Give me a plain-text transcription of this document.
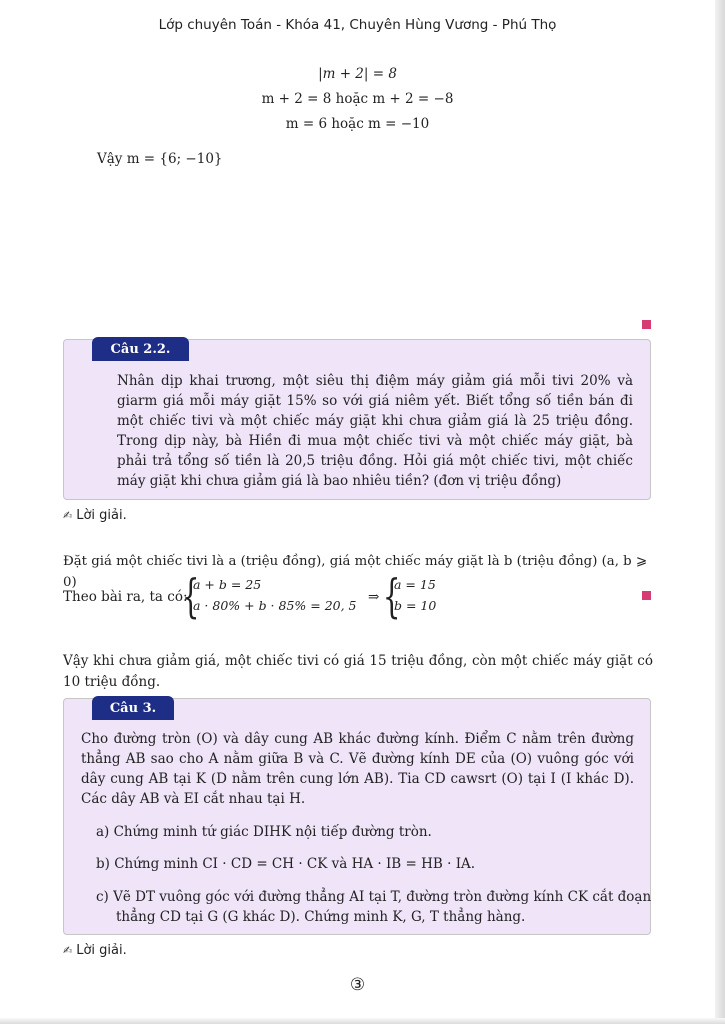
Lớp chuyên Toán - Khóa 41, Chuyên Hùng Vương - Phú Thọ
|m + 2| = 8
m + 2 = 8 hoặc m + 2 = −8
m = 6 hoặc m = −10
Vậy m = {6; −10}
Câu 2.2.
Nhân dịp khai trương, một siêu thị điệm máy giảm giá mỗi tivi 20% và giarm giá mỗi máy giặt 15% so với giá niêm yết. Biết tổng số tiền bán đi một chiếc tivi và một chiếc máy giặt khi chưa giảm giá là 25 triệu đồng. Trong dịp này, bà Hiền đi mua một chiếc tivi và một chiếc máy giặt, bà phải trả tổng số tiền là 20,5 triệu đồng. Hỏi giá một chiếc tivi, một chiếc máy giặt khi chưa giảm giá là bao nhiêu tiền? (đơn vị triệu đồng)
✍ Lời giải.
Đặt giá một chiếc tivi là a (triệu đồng), giá một chiếc máy giặt là b (triệu đồng) (a, b ⩾ 0)
Theo bài ra, ta có:
{
a + b = 25
a · 80% + b · 85% = 20, 5
⇒ {
a = 15
b = 10
Vậy khi chưa giảm giá, một chiếc tivi có giá 15 triệu đồng, còn một chiếc máy giặt có 10 triệu đồng.
Câu 3.
Cho đường tròn (O) và dây cung AB khác đường kính. Điểm C nằm trên đường thẳng AB sao cho A nằm giữa B và C. Vẽ đường kính DE của (O) vuông góc với dây cung AB tại K (D nằm trên cung lớn AB). Tia CD cawsrt (O) tại I (I khác D). Các dây AB và EI cắt nhau tại H.
a) Chứng minh tứ giác DIHK nội tiếp đường tròn.
b) Chứng minh CI · CD = CH · CK và HA · IB = HB · IA.
c) Vẽ DT vuông góc với đường thẳng AI tại T, đường tròn đường kính CK cắt đoạn
thẳng CD tại G (G khác D). Chứng minh K, G, T thẳng hàng.
✍ Lời giải.
③
